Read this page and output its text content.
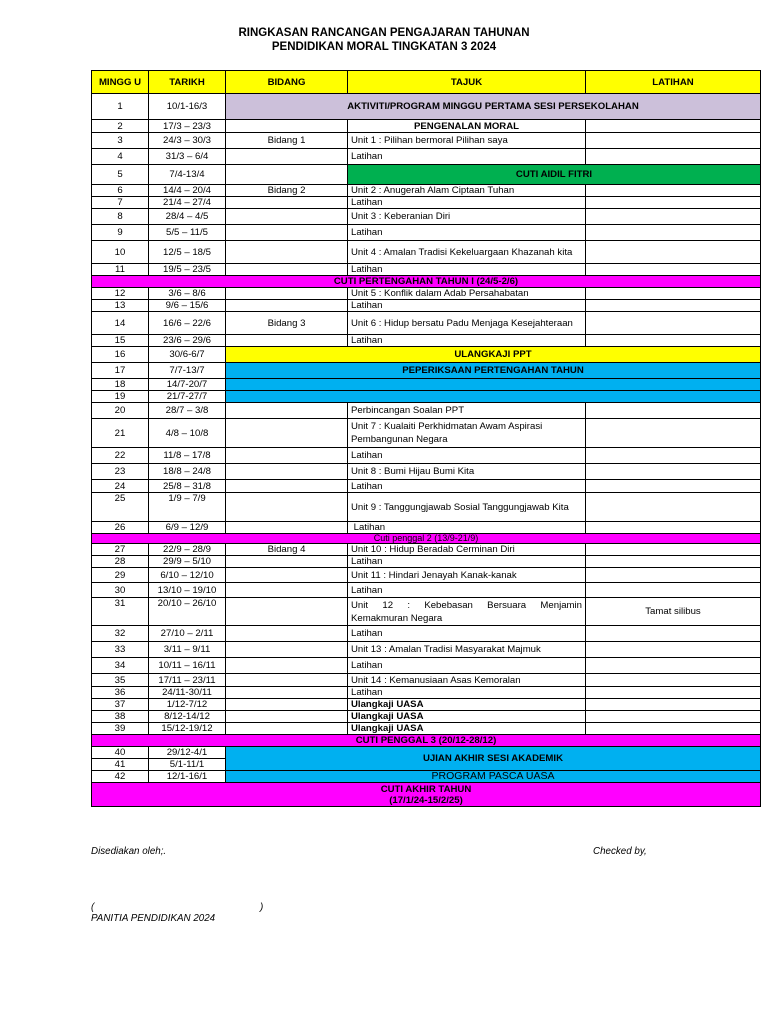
RINGKASAN RANCANGAN PENGAJARAN TAHUNAN
PENDIDIKAN MORAL TINGKATAN 3 2024
MINGG U	TARIKH	BIDANG	TAJUK	LATIHAN
1	10/1-16/3	AKTIVITI/PROGRAM MINGGU PERTAMA SESI PERSEKOLAHAN		
2	17/3 – 23/3		PENGENALAN MORAL	
3	24/3 – 30/3	Bidang 1	Unit 1 : Pilihan bermoral Pilihan saya	
4	31/3 – 6/4		Latihan	
5	7/4-13/4		CUTI AIDIL FITRI	
6	14/4 – 20/4	Bidang 2	Unit 2 : Anugerah Alam Ciptaan Tuhan	
7	21/4 – 27/4		Latihan	
8	28/4 – 4/5		Unit 3 : Keberanian Diri	
9	5/5 – 11/5		Latihan	
10	12/5 – 18/5		Unit 4 : Amalan Tradisi Kekeluargaan Khazanah kita	
11	19/5 – 23/5		Latihan	
CUTI PERTENGAHAN TAHUN I (24/5-2/6)				
12	3/6 – 8/6		Unit 5 : Konflik dalam Adab Persahabatan	
13	9/6 – 15/6		Latihan	
14	16/6 – 22/6	Bidang 3	Unit 6 : Hidup bersatu Padu Menjaga Kesejahteraan	
15	23/6 – 29/6		Latihan	
16	30/6-6/7	ULANGKAJI PPT		
17	7/7-13/7	PEPERIKSAAN PERTENGAHAN TAHUN		
18	14/7-20/7			
19	21/7-27/7			
20	28/7 – 3/8		Perbincangan Soalan PPT	
21	4/8 – 10/8		Unit 7 : Kualaiti Perkhidmatan Awam Aspirasi Pembangunan Negara	
22	11/8 – 17/8		Latihan	
23	18/8 – 24/8		Unit 8 : Bumi Hijau Bumi Kita	
24	25/8 – 31/8		Latihan	
25	1/9 – 7/9		Unit 9 : Tanggungjawab Sosial Tanggungjawab Kita	
26	6/9 – 12/9		Latihan	
Cuti penggal 2 (13/9-21/9)				
27	22/9 – 28/9	Bidang 4	Unit 10 : Hidup Beradab Cerminan Diri	
28	29/9 – 5/10		Latihan	
29	6/10 – 12/10		Unit 11 : Hindari Jenayah Kanak-kanak	
30	13/10 – 19/10		Latihan	
31	20/10 – 26/10		Unit 12 : Kebebasan Bersuara Menjamin Kemakmuran Negara	Tamat silibus
32	27/10 – 2/11		Latihan	
33	3/11 – 9/11		Unit 13 : Amalan Tradisi Masyarakat Majmuk	
34	10/11 – 16/11		Latihan	
35	17/11 – 23/11		Unit 14 : Kemanusiaan Asas Kemoralan	
36	24/11-30/11		Latihan	
37	1/12-7/12		Ulangkaji UASA	
38	8/12-14/12		Ulangkaji UASA	
39	15/12-19/12		Ulangkaji UASA	
CUTI PENGGAL 3 (20/12-28/12)				
40	29/12-4/1	UJIAN AKHIR SESI AKADEMIK		
41	5/1-11/1			
42	12/1-16/1	PROGRAM PASCA UASA		

CUTI AKHIR TAHUN
(17/1/24-15/2/25)				
Disediakan oleh;.	Checked by,
(	)
PANITIA PENDIDIKAN 2024
